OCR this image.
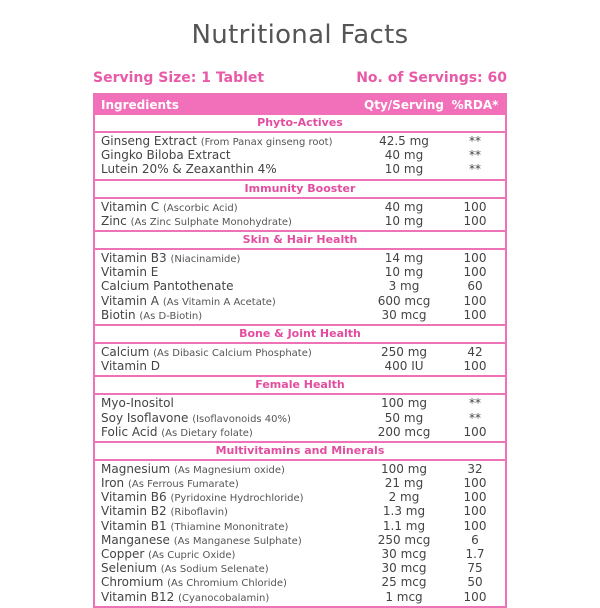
Nutritional Facts
Serving Size: 1 Tablet	No. of Servings: 60
Ingredients	Qty/Serving %RDA*
Phyto-Actives
Ginseng Extract (From Panax ginseng root)	42.5 mg	**
Gingko Biloba Extract	40 mg	**
Lutein 20% & Zeaxanthin 4%	10 mg	**
Immunity Booster
Vitamin C (Ascorbic Acid)	40 mg	100
Zinc (As Zinc Sulphate Monohydrate)	10 mg	100
Skin & Hair Health
Vitamin B3 (Niacinamide)	14 mg	100
Vitamin E	10 mg	100
Calcium Pantothenate	3 mg	60
Vitamin A (As Vitamin A Acetate)	600 mcg	100
Biotin (As D-Biotin)	30 mcg	100
Bone & Joint Health
Calcium (As Dibasic Calcium Phosphate)	250 mg	42
Vitamin D	400 IU	100
Female Health
Myo-Inositol	100 mg	**
Soy Isoflavone (Isoflavonoids 40%)	50 mg	**
Folic Acid (As Dietary folate)	200 mcg	100
Multivitamins and Minerals
Magnesium (As Magnesium oxide)	100 mg	32
Iron (As Ferrous Fumarate)	21 mg	100
Vitamin B6 (Pyridoxine Hydrochloride)	2 mg	100
Vitamin B2 (Riboflavin)	1.3 mg	100
Vitamin B1 (Thiamine Mononitrate)	1.1 mg	100
Manganese (As Manganese Sulphate)	250 mcg	6
Copper (As Cupric Oxide)	30 mcg	1.7
Selenium (As Sodium Selenate)	30 mcg	75
Chromium (As Chromium Chloride)	25 mcg	50
Vitamin B12 (Cyanocobalamin)	1 mcg	100
